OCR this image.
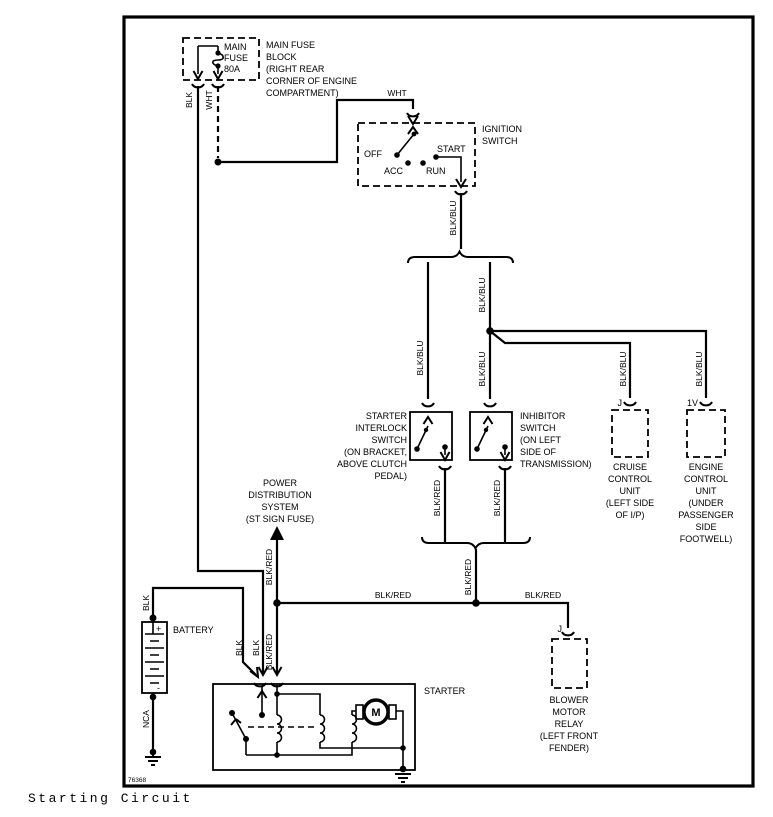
MAIN
FUSE
80A
MAIN FUSE
BLOCK
(RIGHT REAR
CORNER OF ENGINE
COMPARTMENT)
BLK
BLK
WHT	WHT
OFF
ACC	RUN
START
IGNITION
SWITCH
BLK/BLU
BLK/BLU
BLK/BLU
BLK/BLU	BLK/BLU
BLK/BLU
STARTER
INTERLOCK
SWITCH
(ON BRACKET,
ABOVE CLUTCH
PEDAL)
INHIBITOR
SWITCH
(ON LEFT
SIDE OF
TRANSMISSION)
BLK/RED	BLK/RED
BLK/RED
J
CRUISE
CONTROL
UNIT
(LEFT SIDE
OF I/P)
1V
ENGINE
CONTROL
UNIT
(UNDER
PASSENGER
SIDE
FOOTWELL)
POWER
DISTRIBUTION
SYSTEM
(ST SIGN FUSE)
BLK/RED
BLK/RED	BLK/RED
BLK/RED
J
BLOWER
MOTOR
RELAY
(LEFT FRONT
FENDER)
+
-
BATTERY
BLK
BLK
NCA
STARTER
M
76368
Starting Circuit
